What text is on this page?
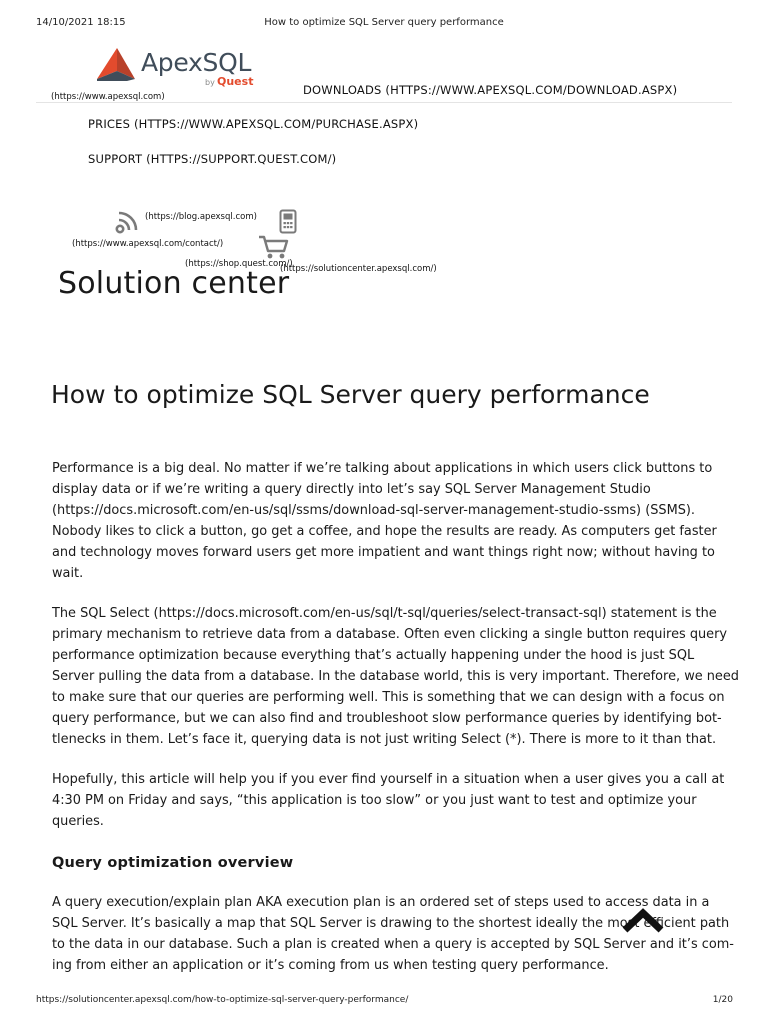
14/10/2021 18:15	How to optimize SQL Server query performance
ApexSQL
by Quest
(https://www.apexsql.com)	DOWNLOADS (HTTPS://WWW.APEXSQL.COM/DOWNLOAD.ASPX)
PRICES (HTTPS://WWW.APEXSQL.COM/PURCHASE.ASPX)
SUPPORT (HTTPS://SUPPORT.QUEST.COM/)
(https://blog.apexsql.com)
(https://www.apexsql.com/contact/)
(https://shop.quest.com/)
(https://solutioncenter.apexsql.com/)
Solution center
How to optimize SQL Server query performance
Performance is a big deal. No matter if we’re talking about applications in which users click buttons to
display data or if we’re writing a query directly into let’s say SQL Server Management Studio
(https://docs.microsoft.com/en-us/sql/ssms/download-sql-server-management-studio-ssms) (SSMS).
Nobody likes to click a button, go get a coffee, and hope the results are ready. As computers get faster
and technology moves forward users get more impatient and want things right now; without having to
wait.
The SQL Select (https://docs.microsoft.com/en-us/sql/t-sql/queries/select-transact-sql) statement is the
primary mechanism to retrieve data from a database. Often even clicking a single button requires query
performance optimization because everything that’s actually happening under the hood is just SQL
Server pulling the data from a database. In the database world, this is very important. Therefore, we need
to make sure that our queries are performing well. This is something that we can design with a focus on
query performance, but we can also find and troubleshoot slow performance queries by identifying bot-
tlenecks in them. Let’s face it, querying data is not just writing Select (*). There is more to it than that.
Hopefully, this article will help you if you ever find yourself in a situation when a user gives you a call at
4:30 PM on Friday and says, “this application is too slow” or you just want to test and optimize your
queries.
Query optimization overview
A query execution/explain plan AKA execution plan is an ordered set of steps used to access data in a
SQL Server. It’s basically a map that SQL Server is drawing to the shortest ideally the most efficient path
to the data in our database. Such a plan is created when a query is accepted by SQL Server and it’s com-
ing from either an application or it’s coming from us when testing query performance.
https://solutioncenter.apexsql.com/how-to-optimize-sql-server-query-performance/	1/20
